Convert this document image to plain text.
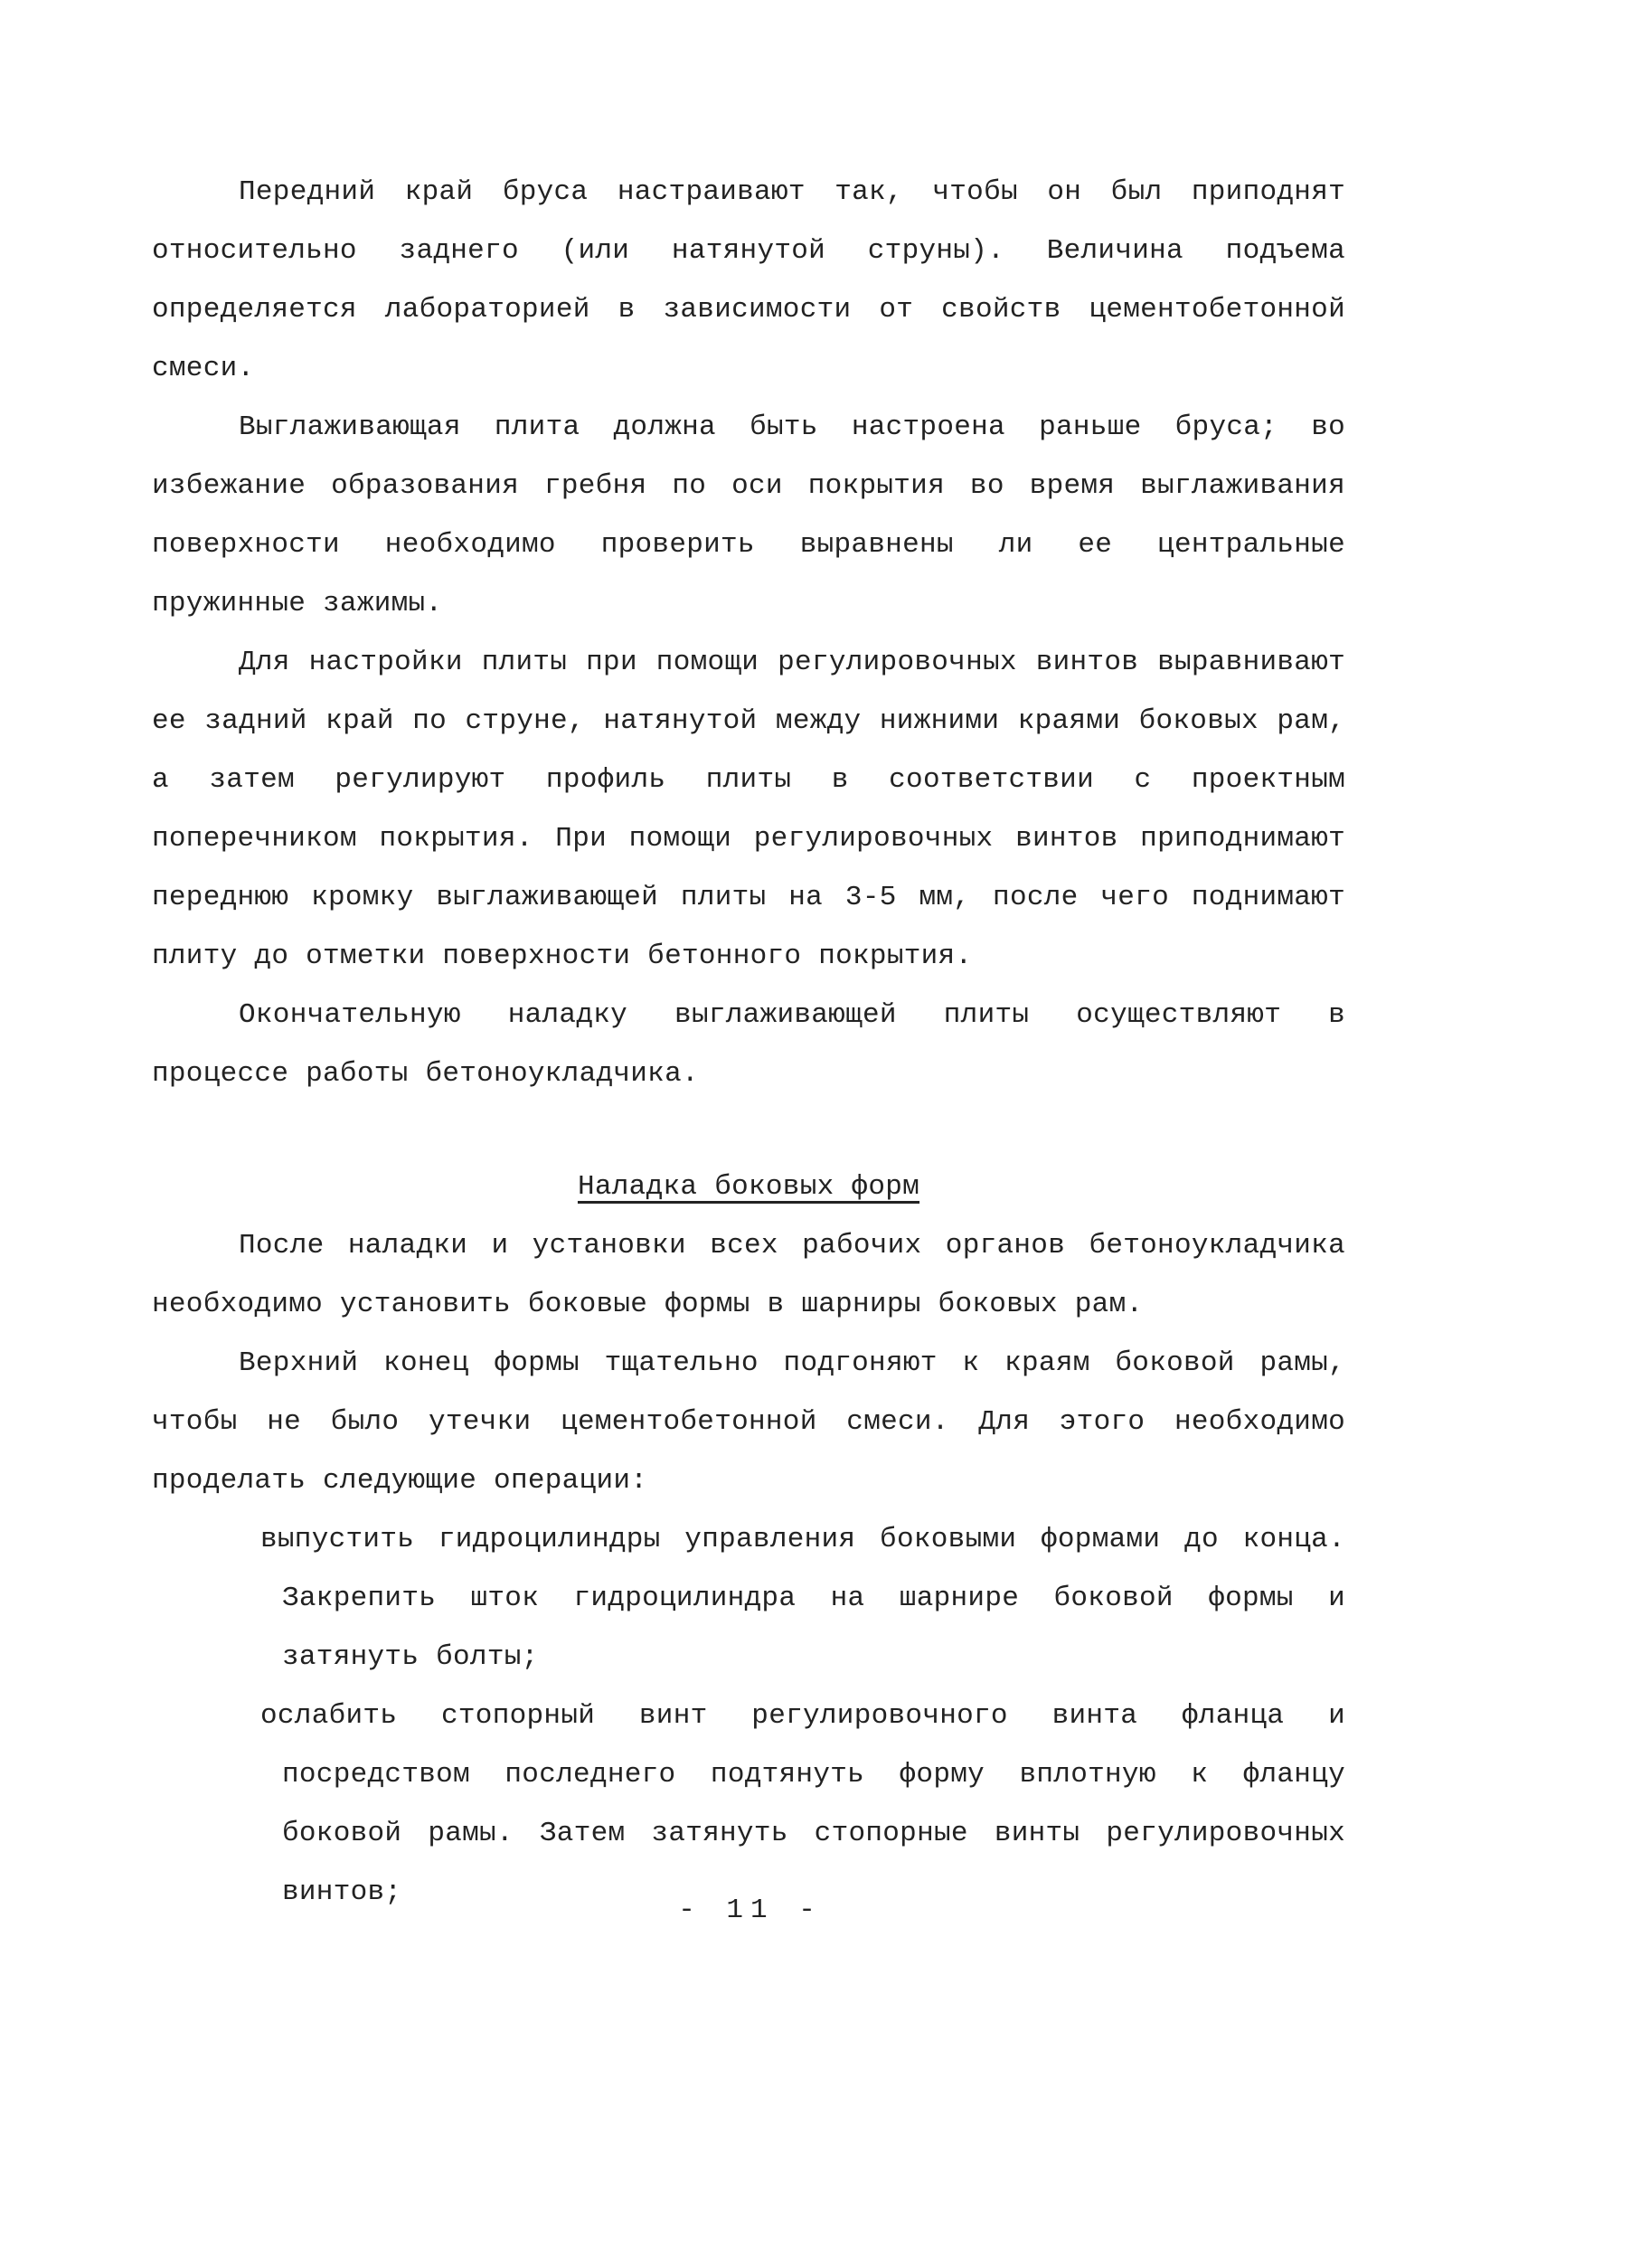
Передний край бруса настраивают так, чтобы он был приподнят относительно заднего (или натянутой струны). Величина подъема определяется лабораторией в зависимости от свойств цементобетонной смеси.

Выглаживающая плита должна быть настроена раньше бруса; во избежание образования гребня по оси покрытия во время выглаживания поверхности необходимо проверить выравнены ли ее центральные пружинные зажимы.

Для настройки плиты при помощи регулировочных винтов выравнивают ее задний край по струне, натянутой между нижними краями боковых рам, а затем регулируют профиль плиты в соответствии с проектным поперечником покрытия. При помощи регулировочных винтов приподнимают переднюю кромку выглаживающей плиты на 3-5 мм, после чего поднимают плиту до отметки поверхности бетонного покрытия.

Окончательную наладку выглаживающей плиты осуществляют в процессе работы бетоноукладчика.

Наладка боковых форм

После наладки и установки всех рабочих органов бетоноукладчика необходимо установить боковые формы в шарниры боковых рам.

Верхний конец формы тщательно подгоняют к краям боковой рамы, чтобы не было утечки цементобетонной смеси. Для этого необходимо проделать следующие операции:

выпустить гидроцилиндры управления боковыми формами до конца. Закрепить шток гидроцилиндра на шарнире боковой формы и затянуть болты;
ослабить стопорный винт регулировочного винта фланца и посредством последнего подтянуть форму вплотную к фланцу боковой рамы. Затем затянуть стопорные винты регулировочных винтов;
- 11 -
